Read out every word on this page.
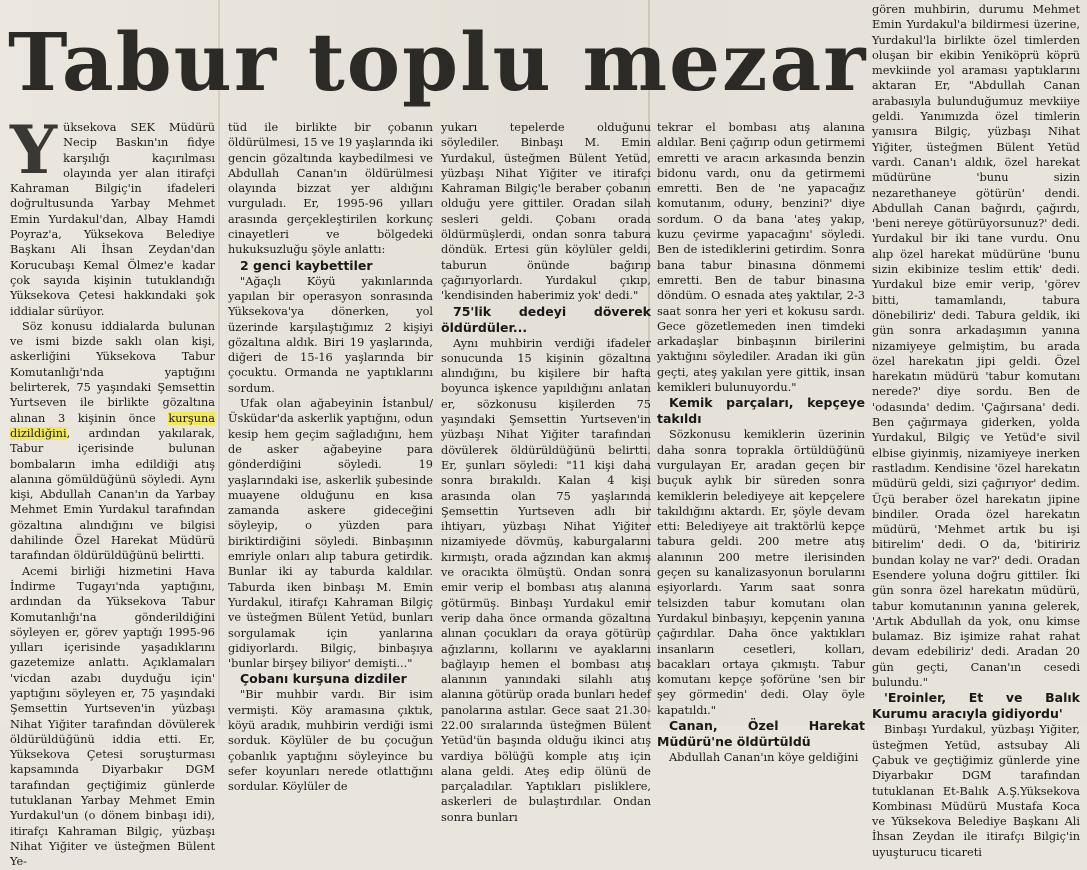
Tabur toplu mezar

Yüksekova SEK Müdürü Necip Baskın'ın fidye karşılığı kaçırılması olayında yer alan itirafçi Kahraman Bilgiç'in ifadeleri doğrultusunda Yarbay Mehmet Emin Yurdakul'dan, Albay Hamdi Poyraz'a, Yüksekova Belediye Başkanı Ali İhsan Zeydan'dan Korucubaşı Kemal Ölmez'e kadar çok sayıda kişinin tutuklandığı Yüksekova Çetesi hakkındaki şok iddialar sürüyor.

Söz konusu iddialarda bulunan ve ismi bizde saklı olan kişi, askerliğini Yüksekova Tabur Komutanlığı'nda yaptığını belirterek, 75 yaşındaki Şemsettin Yurtseven ile birlikte gözaltına alınan 3 kişinin önce kurşuna dizildiğini, ardından yakılarak, Tabur içerisinde bulunan bombaların imha edildiği atış alanına gömüldüğünü söyledi. Aynı kişi, Abdullah Canan'ın da Yarbay Mehmet Emin Yurdakul tarafından gözaltına alındığını ve bilgisi dahilinde Özel Harekat Müdürü tarafından öldürüldüğünü belirtti.

Acemi birliği hizmetini Hava İndirme Tugayı'nda yaptığını, ardından da Yüksekova Tabur Komutanlığı'na gönderildiğini söyleyen er, görev yaptığı 1995-96 yılları içerisinde yaşadıklarını gazetemize anlattı. Açıklamaları 'vicdan azabı duyduğu için' yaptığını söyleyen er, 75 yaşındaki Şemsettin Yurtseven'in yüzbaşı Nihat Yiğiter tarafından dövülerek öldürüldüğünü iddia etti. Er, Yüksekova Çetesi soruşturması kapsamında Diyarbakır DGM tarafından geçtiğimiz günlerde tutuklanan Yarbay Mehmet Emin Yurdakul'un (o dönem binbaşı idi), itirafçı Kahraman Bilgiç, yüzbaşı Nihat Yiğiter ve üsteğmen Bülent Ye-

tüd ile birlikte bir çobanın öldürülmesi, 15 ve 19 yaşlarında iki gencin gözaltında kaybedilmesi ve Abdullah Canan'ın öldürülmesi olayında bizzat yer aldığını vurguladı. Er, 1995-96 yılları arasında gerçekleştirilen korkunç cinayetleri ve bölgedeki hukuksuzluğu şöyle anlattı:

2 genci kaybettiler

"Ağaçlı Köyü yakınlarında yapılan bir operasyon sonrasında Yüksekova'ya dönerken, yol üzerinde karşılaştığımız 2 kişiyi gözaltına aldık. Biri 19 yaşlarında, diğeri de 15-16 yaşlarında bir çocuktu. Ormanda ne yaptıklarını sordum.

Ufak olan ağabeyinin İstanbul/Üsküdar'da askerlik yaptığını, odun kesip hem geçim sağladığını, hem de asker ağabeyine para gönderdiğini söyledi. 19 yaşlarındaki ise, askerlik şubesinde muayene olduğunu en kısa zamanda askere gideceğini söyleyip, o yüzden para biriktirdiğini söyledi. Binbaşının emriyle onları alıp tabura getirdik. Bunlar iki ay taburda kaldılar. Taburda iken binbaşı M. Emin Yurdakul, itirafçı Kahraman Bilgiç ve üsteğmen Bülent Yetüd, bunları sorgulamak için yanlarına gidiyorlardı. Bilgiç, binbaşıya 'bunlar birşey biliyor' demişti..."

Çobanı kurşuna dizdiler

"Bir muhbir vardı. Bir isim vermişti. Köy aramasına çıktık, köyü aradık, muhbirin verdiği ismi sorduk. Köylüler de bu çocuğun çobanlık yaptığını söyleyince bu sefer koyunları nerede otlattığını sordular. Köylüler de

yukarı tepelerde olduğunu söylediler. Binbaşı M. Emin Yurdakul, üsteğmen Bülent Yetüd, yüzbaşı Nihat Yiğiter ve itirafçı Kahraman Bilgiç'le beraber çobanın olduğu yere gittiler. Oradan silah sesleri geldi. Çobanı orada öldürmüşlerdi, ondan sonra tabura döndük. Ertesi gün köylüler geldi, taburun önünde bağırıp çağırıyorlardı. Yurdakul çıkıp, 'kendisinden haberimiz yok' dedi."

75'lik dedeyi döverek öldürdüler...

Aynı muhbirin verdiği ifadeler sonucunda 15 kişinin gözaltına alındığını, bu kişilere bir hafta boyunca işkence yapıldığını anlatan er, sözkonusu kişilerden 75 yaşındaki Şemsettin Yurtseven'in yüzbaşı Nihat Yiğiter tarafından dövülerek öldürüldüğünü belirtti. Er, şunları söyledi: "11 kişi daha sonra bırakıldı. Kalan 4 kişi arasında olan 75 yaşlarında Şemsettin Yurtseven adlı bir ihtiyarı, yüzbaşı Nihat Yiğiter nizamiyede dövmüş, kaburgalarını kırmıştı, orada ağzından kan akmış ve oracıkta ölmüştü. Ondan sonra emir verip el bombası atış alanına götürmüş. Binbaşı Yurdakul emir verip daha önce ormanda gözaltına alınan çocukları da oraya götürüp ağızlarını, kollarını ve ayaklarını bağlayıp hemen el bombası atış alanının yanındaki silahlı atış alanına götürüp orada bunları hedef panolarına astılar. Gece saat 21.30-22.00 sıralarında üsteğmen Bülent Yetüd'ün başında olduğu ikinci atış vardiya bölüğü komple atış için alana geldi. Ateş edip ölünü de parçaladılar. Yaptıkları pisliklere, askerleri de bulaştırdılar. Ondan sonra bunları

tekrar el bombası atış alanına aldılar. Beni çağırıp odun getirmemi emretti ve aracın arkasında benzin bidonu vardı, onu da getirmemi emretti. Ben de 'ne yapacağız komutanım, oduну, benzini?' diye sordum. O da bana 'ateş yakıp, kuzu çevirme yapacağını' söyledi. Ben de istediklerini getirdim. Sonra bana tabur binasına dönmemi emretti. Ben de tabur binasına döndüm. O esnada ateş yaktılar, 2-3 saat sonra her yeri et kokusu sardı. Gece gözetlemeden inen timdeki arkadaşlar binbaşının birilerini yaktığını söylediler. Aradan iki gün geçti, ateş yakılan yere gittik, insan kemikleri bulunuyordu."

Kemik parçaları, kepçeye takıldı

Sözkonusu kemiklerin üzerinin daha sonra toprakla örtüldüğünü vurgulayan Er, aradan geçen bir buçuk aylık bir süreden sonra kemiklerin belediyeye ait kepçelere takıldığını aktardı. Er, şöyle devam etti: Belediyeye ait traktörlü kepçe tabura geldi. 200 metre atış alanının 200 metre ilerisinden geçen su kanalizasyonun borularını eşiyorlardı. Yarım saat sonra telsizden tabur komutanı olan Yurdakul binbaşıyı, kepçenin yanına çağırdılar. Daha önce yaktıkları insanların cesetleri, kolları, bacakları ortaya çıkmıştı. Tabur komutanı kepçe şoförüne 'sen bir şey görmedin' dedi. Olay öyle kapatıldı."

Canan, Özel Harekat Müdürü'ne öldürtüldü

Abdullah Canan'ın köye geldiğini

gören muhbirin, durumu Mehmet Emin Yurdakul'a bildirmesi üzerine, Yurdakul'la birlikte özel timlerden oluşan bir ekibin Yeniköprü köprü mevkiinde yol araması yaptıklarını aktaran Er, "Abdullah Canan arabasıyla bulunduğumuz mevkiiye geldi. Yanımızda özel timlerin yanısıra Bilgiç, yüzbaşı Nihat Yiğiter, üsteğmen Bülent Yetüd vardı. Canan'ı aldık, özel harekat müdürüne 'bunu sizin nezarethaneye götürün' dendi. Abdullah Canan bağırdı, çağırdı, 'beni nereye götürüyorsunuz?' dedi. Yurdakul bir iki tane vurdu. Onu alıp özel harekat müdürüne 'bunu sizin ekibinize teslim ettik' dedi. Yurdakul bize emir verip, 'görev bitti, tamamlandı, tabura dönebiliriz' dedi. Tabura geldik, iki gün sonra arkadaşımın yanına nizamiyeye gelmiştim, bu arada özel harekatın jipi geldi. Özel harekatın müdürü 'tabur komutanı nerede?' diye sordu. Ben de 'odasında' dedim. 'Çağırsana' dedi. Ben çağırmaya giderken, yolda Yurdakul, Bilgiç ve Yetüd'e sivil elbise giyinmiş, nizamiyeye inerken rastladım. Kendisine 'özel harekatın müdürü geldi, sizi çağırıyor' dedim. Üçü beraber özel harekatın jipine bindiler. Orada özel harekatın müdürü, 'Mehmet artık bu işi bitirelim' dedi. O da, 'bitiririz bundan kolay ne var?' dedi. Oradan Esendere yoluna doğru gittiler. İki gün sonra özel harekatın müdürü, tabur komutanının yanına gelerek, 'Artık Abdullah da yok, onu kimse bulamaz. Biz işimize rahat rahat devam edebiliriz' dedi. Aradan 20 gün geçti, Canan'ın cesedi bulundu."

'Eroinler, Et ve Balık Kurumu aracıyla gidiyordu'

Binbaşı Yurdakul, yüzbaşı Yiğiter, üsteğmen Yetüd, astsubay Ali Çabuk ve geçtiğimiz günlerde yine Diyarbakır DGM tarafından tutuklanan Et-Balık A.Ş.Yüksekova Kombinası Müdürü Mustafa Koca ve Yüksekova Belediye Başkanı Ali İhsan Zeydan ile itirafçı Bilgiç'in uyuşturucu ticareti
